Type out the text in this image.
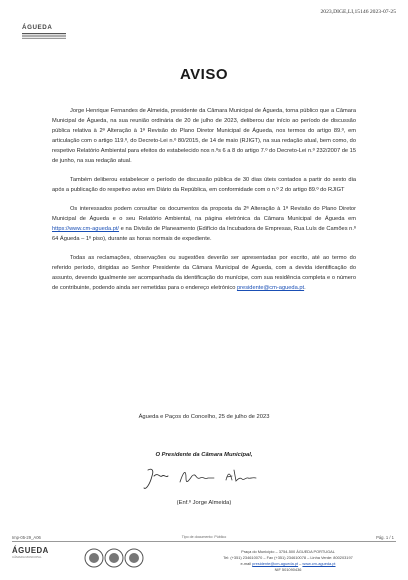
2023,DIGE,LI,15146 2023-07-25
ÁGUEDA
AVISO

Jorge Henrique Fernandes de Almeida, presidente da Câmara Municipal de Águeda, torna público que a Câmara Municipal de Águeda, na sua reunião ordinária de 20 de julho de 2023, deliberou dar início ao período de discussão pública relativa à 2ª Alteração à 1ª Revisão do Plano Diretor Municipal de Águeda, nos termos do artigo 89.º, em articulação com o artigo 119.º, do Decreto-Lei n.º 80/2015, de 14 de maio (RJIGT), na sua redação atual, bem como, do respetivo Relatório Ambiental para efeitos do estabelecido nos n.ºs 6 a 8 do artigo 7.º do Decreto-Lei n.º 232/2007 de 15 de junho, na sua redação atual.

Também deliberou estabelecer o período de discussão pública de 30 dias úteis contados a partir do sexto dia após a publicação do respetivo aviso em Diário da República, em conformidade com o n.º 2 do artigo 89.º do RJIGT

Os interessados podem consultar os documentos da proposta da 2ª Alteração à 1ª Revisão do Plano Diretor Municipal de Águeda e o seu Relatório Ambiental, na página eletrónica da Câmara Municipal de Águeda em https://www.cm-agueda.pt/ e na Divisão de Planeamento (Edifício da Incubadora de Empresas, Rua Luís de Camões n.º 64 Águeda – 1º piso), durante as horas normais de expediente.

Todas as reclamações, observações ou sugestões deverão ser apresentadas por escrito, até ao termo do referido período, dirigidas ao Senhor Presidente da Câmara Municipal de Águeda, com a devida identificação do assunto, devendo igualmente ser acompanhada da identificação do munícipe, com sua residência completa e o número de contribuinte, podendo ainda ser remetidas para o endereço eletrónico presidente@cm-agueda.pt.

Águeda e Paços do Concelho, 25 de julho de 2023
O Presidente da Câmara Municipal,
(Enf.º Jorge Almeida)
Imp-05-29_A06	Tipo de documento: Público	Pág. 1 / 1
ÁGUEDA
CÂMARA MUNICIPAL
Praça do Município – 3754-500 ÁGUEDA PORTUGAL
Tel: (+351) 234610070 – Fax (+351) 234610078 – Linha Verde: 800203197
e-mail presidente@cm-agueda.pt – www.cm-agueda.pt
NIF 501090436
